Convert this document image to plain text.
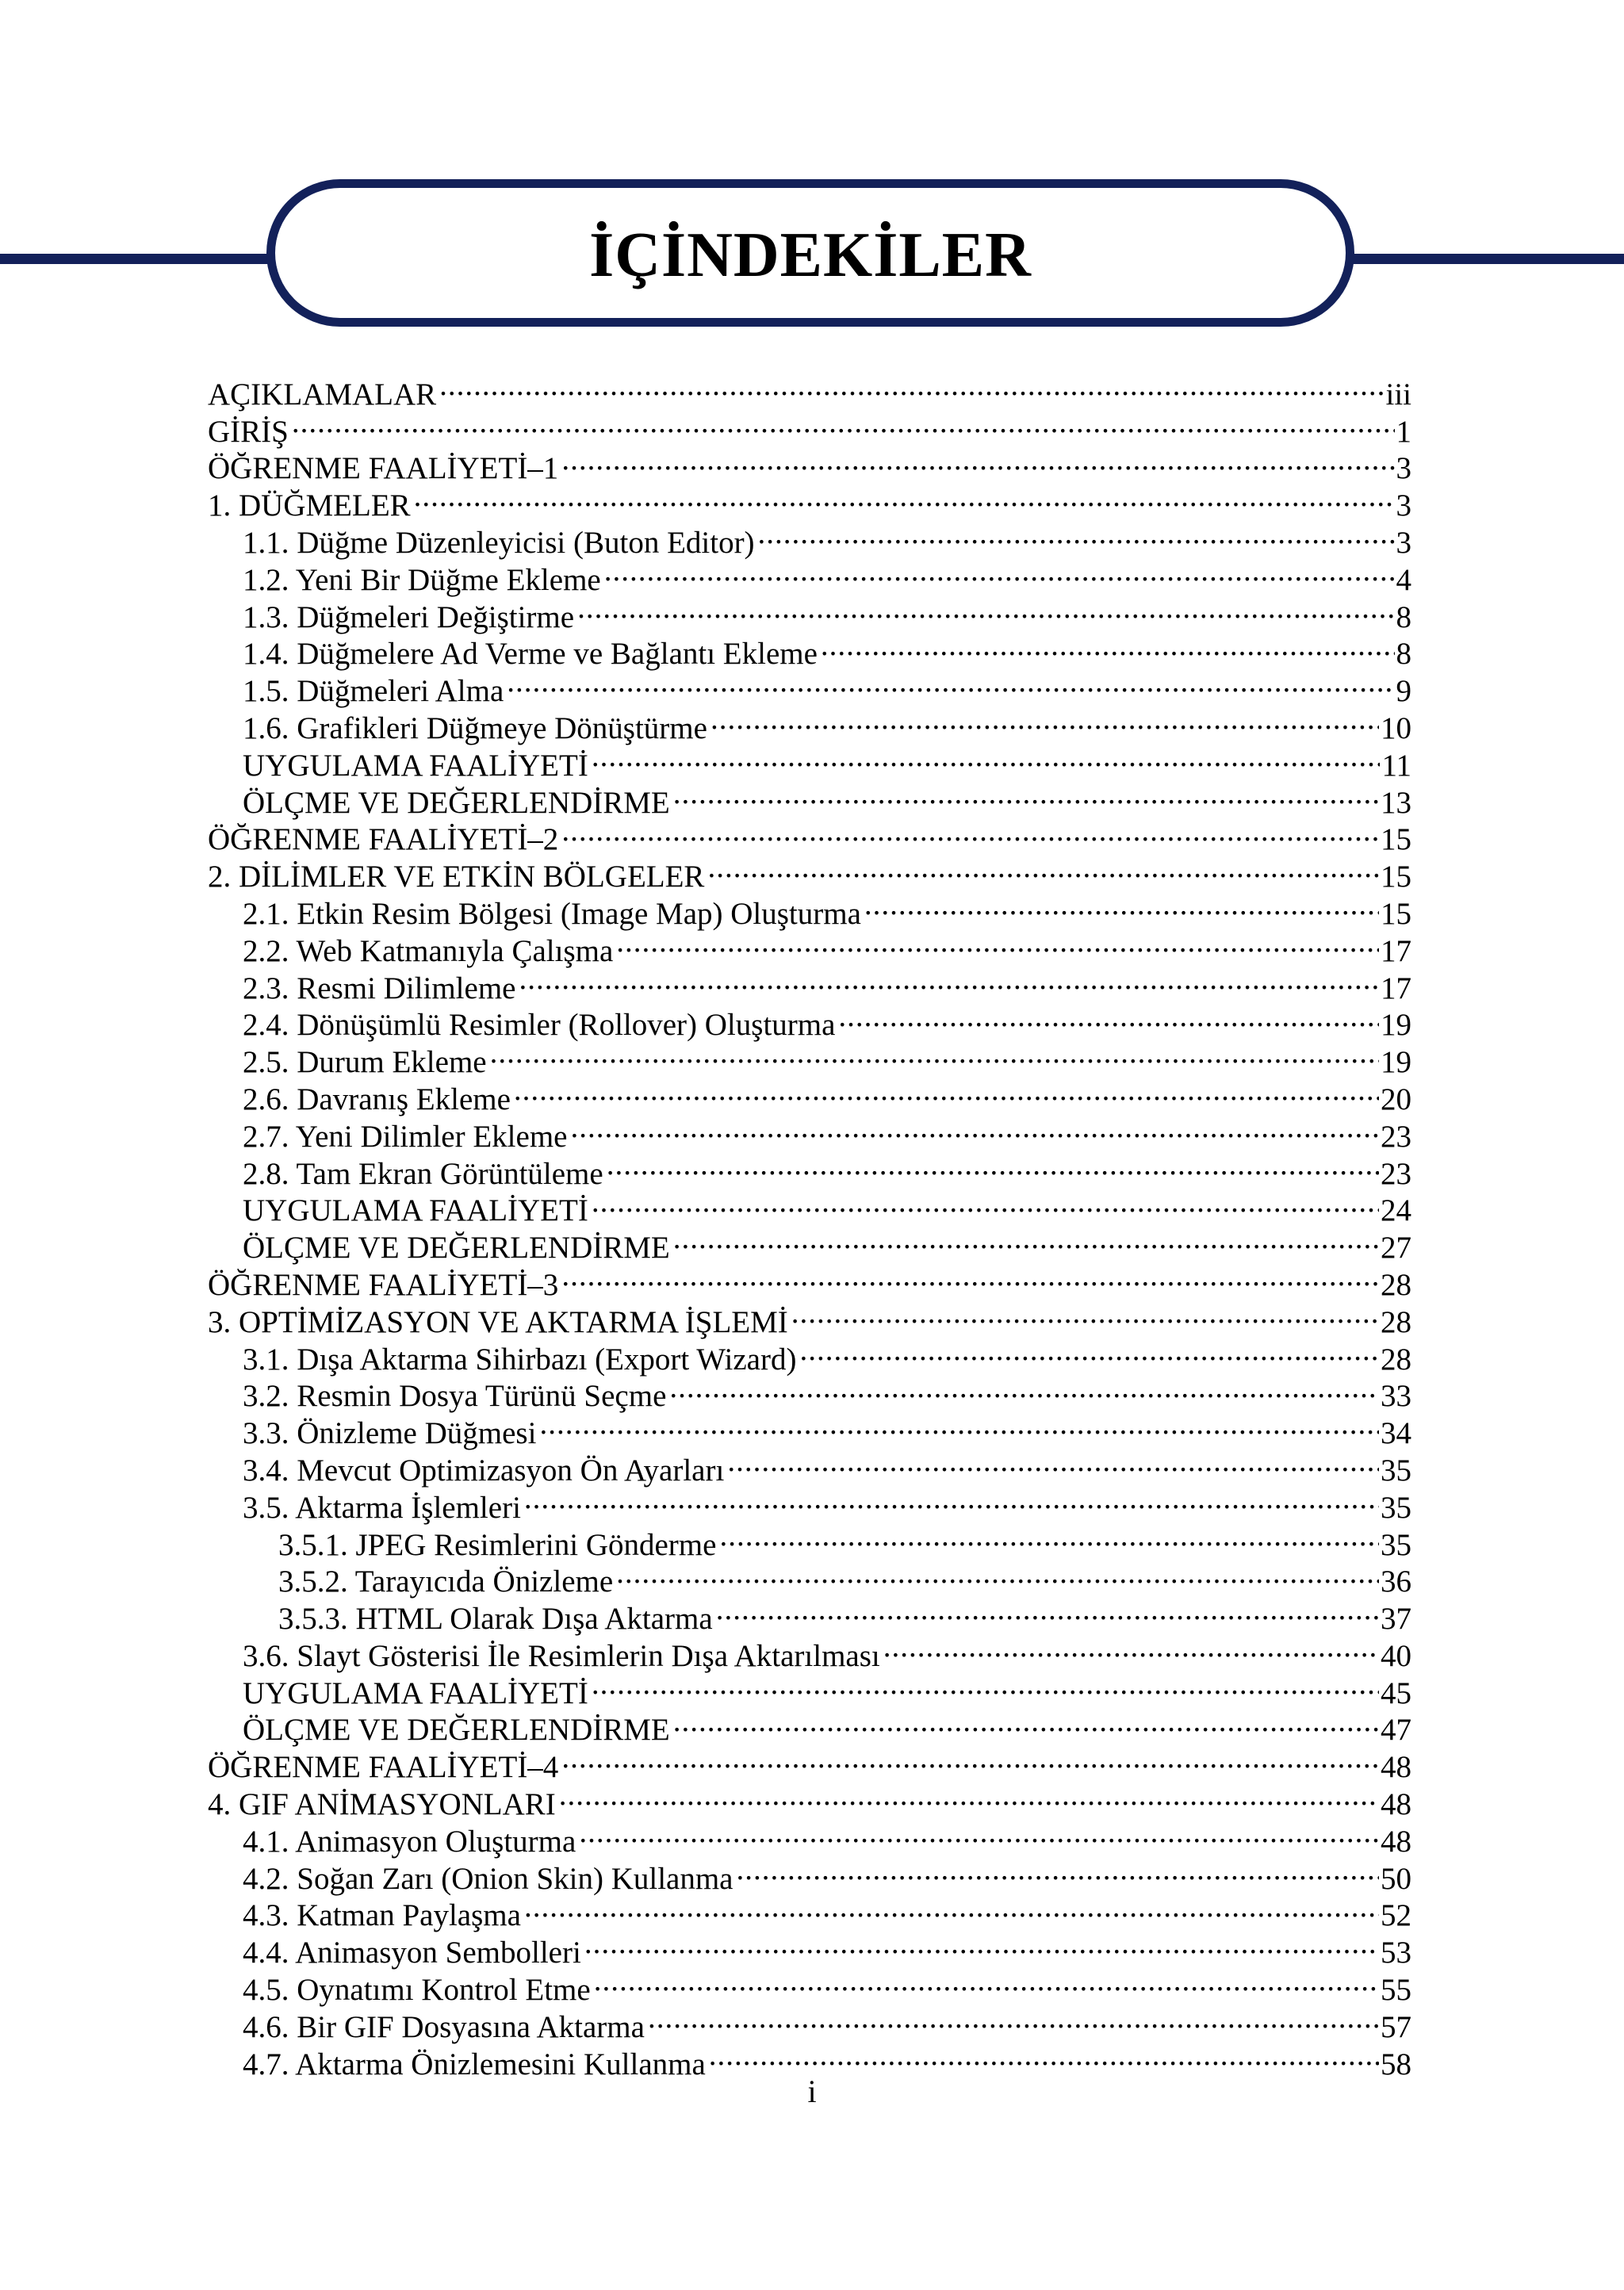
İÇİNDEKİLER
AÇIKLAMALAR .....	iii
GİRİŞ .....	1
ÖĞRENME FAALİYETİ–1 .....	3
1. DÜĞMELER .....	3
1.1. Düğme Düzenleyicisi (Buton Editor) .....	3
1.2. Yeni Bir Düğme Ekleme .....	4
1.3. Düğmeleri Değiştirme .....	8
1.4. Düğmelere Ad Verme ve Bağlantı Ekleme .....	8
1.5. Düğmeleri Alma .....	9
1.6. Grafikleri Düğmeye Dönüştürme .....	10
UYGULAMA FAALİYETİ .....	11
ÖLÇME VE DEĞERLENDİRME .....	13
ÖĞRENME FAALİYETİ–2 .....	15
2. DİLİMLER VE ETKİN BÖLGELER .....	15
2.1. Etkin Resim Bölgesi (Image Map) Oluşturma .....	15
2.2. Web Katmanıyla Çalışma .....	17
2.3. Resmi Dilimleme .....	17
2.4. Dönüşümlü Resimler (Rollover) Oluşturma .....	19
2.5. Durum Ekleme .....	19
2.6. Davranış Ekleme .....	20
2.7. Yeni Dilimler Ekleme .....	23
2.8. Tam Ekran Görüntüleme .....	23
UYGULAMA FAALİYETİ .....	24
ÖLÇME VE DEĞERLENDİRME .....	27
ÖĞRENME FAALİYETİ–3 .....	28
3. OPTİMİZASYON VE AKTARMA İŞLEMİ .....	28
3.1. Dışa Aktarma Sihirbazı (Export Wizard) .....	28
3.2. Resmin Dosya Türünü Seçme .....	33
3.3. Önizleme Düğmesi .....	34
3.4. Mevcut Optimizasyon Ön Ayarları .....	35
3.5. Aktarma İşlemleri .....	35
3.5.1. JPEG Resimlerini Gönderme .....	35
3.5.2. Tarayıcıda Önizleme .....	36
3.5.3. HTML Olarak Dışa Aktarma .....	37
3.6. Slayt Gösterisi İle Resimlerin Dışa Aktarılması .....	40
UYGULAMA FAALİYETİ .....	45
ÖLÇME VE DEĞERLENDİRME .....	47
ÖĞRENME FAALİYETİ–4 .....	48
4. GIF ANİMASYONLARI .....	48
4.1. Animasyon Oluşturma .....	48
4.2. Soğan Zarı (Onion Skin) Kullanma .....	50
4.3. Katman Paylaşma .....	52
4.4. Animasyon Sembolleri .....	53
4.5. Oynatımı Kontrol Etme .....	55
4.6. Bir GIF Dosyasına Aktarma .....	57
4.7. Aktarma Önizlemesini Kullanma .....	58
i
